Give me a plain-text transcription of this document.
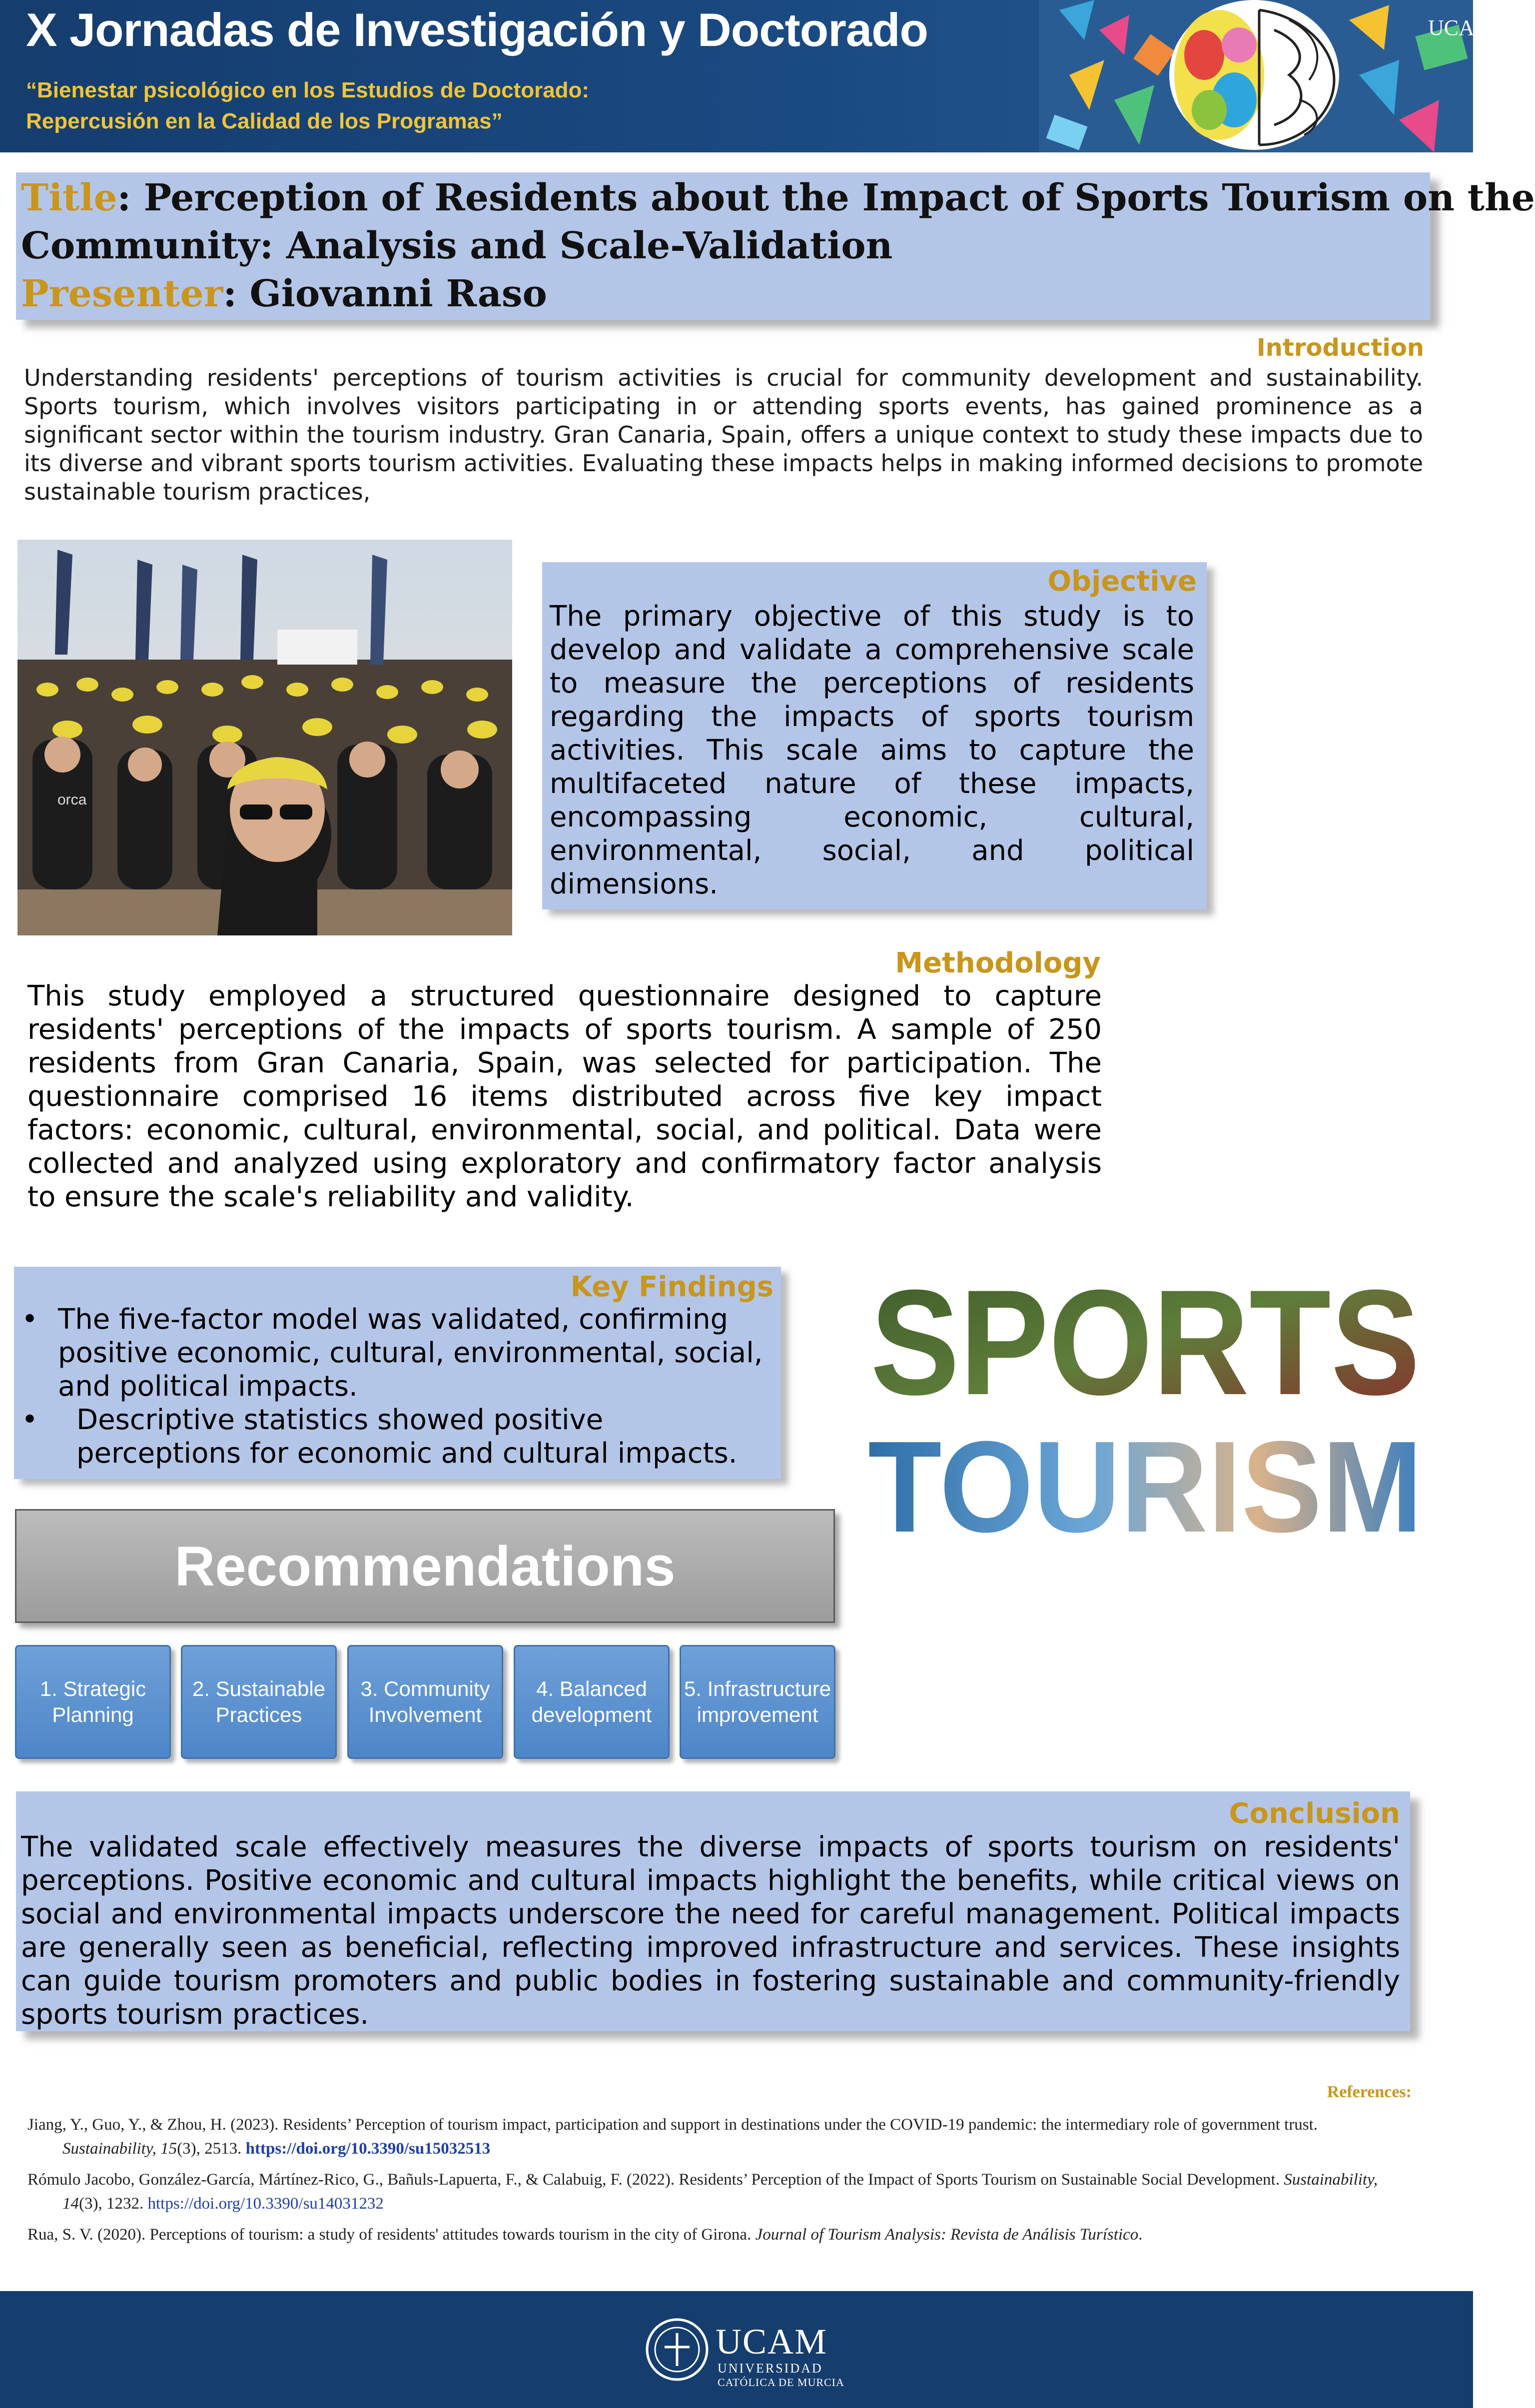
X Jornadas de Investigación y Doctorado
“Bienestar psicológico en los Estudios de Doctorado:
Repercusión en la Calidad de los Programas”
UCAM
Title: Perception of Residents about the Impact of Sports Tourism on the
Community: Analysis and Scale-Validation
Presenter: Giovanni Raso
Introduction
Understanding residents' perceptions of tourism activities is crucial for community development and sustainability. Sports tourism, which involves visitors participating in or attending sports events, has gained prominence as a significant sector within the tourism industry. Gran Canaria, Spain, offers a unique context to study these impacts due to its diverse and vibrant sports tourism activities. Evaluating these impacts helps in making informed decisions to promote sustainable tourism practices,
orca
Objective
The primary objective of this study is to develop and validate a comprehensive scale to measure the perceptions of residents regarding the impacts of sports tourism activities. This scale aims to capture the multifaceted nature of these impacts, encompassing economic, cultural, environmental, social, and political dimensions.
Methodology
This study employed a structured questionnaire designed to capture residents' perceptions of the impacts of sports tourism. A sample of 250 residents from Gran Canaria, Spain, was selected for participation. The questionnaire comprised 16 items distributed across five key impact factors: economic, cultural, environmental, social, and political. Data were collected and analyzed using exploratory and confirmatory factor analysis to ensure the scale's reliability and validity.
Key Findings
• The five-factor model was validated, confirming positive economic, cultural, environmental, social, and political impacts.
• Descriptive statistics showed positive perceptions for economic and cultural impacts.
SPORTS
TOURISM
Recommendations
1. Strategic Planning
2. Sustainable Practices
3. Community Involvement
4. Balanced development
5. Infrastructure improvement
Conclusion
The validated scale effectively measures the diverse impacts of sports tourism on residents' perceptions. Positive economic and cultural impacts highlight the benefits, while critical views on social and environmental impacts underscore the need for careful management. Political impacts are generally seen as beneficial, reflecting improved infrastructure and services. These insights can guide tourism promoters and public bodies in fostering sustainable and community-friendly sports tourism practices.
References:
Jiang, Y., Guo, Y., & Zhou, H. (2023). Residents’ Perception of tourism impact, participation and support in destinations under the COVID-19 pandemic: the intermediary role of government trust. Sustainability, 15(3), 2513. https://doi.org/10.3390/su15032513
Rómulo Jacobo, González-García, Mártínez-Rico, G., Bañuls-Lapuerta, F., & Calabuig, F. (2022). Residents’ Perception of the Impact of Sports Tourism on Sustainable Social Development. Sustainability, 14(3), 1232. https://doi.org/10.3390/su14031232
Rua, S. V. (2020). Perceptions of tourism: a study of residents' attitudes towards tourism in the city of Girona. Journal of Tourism Analysis: Revista de Análisis Turístico.
UCAM
UNIVERSIDAD
CATÓLICA DE MURCIA
